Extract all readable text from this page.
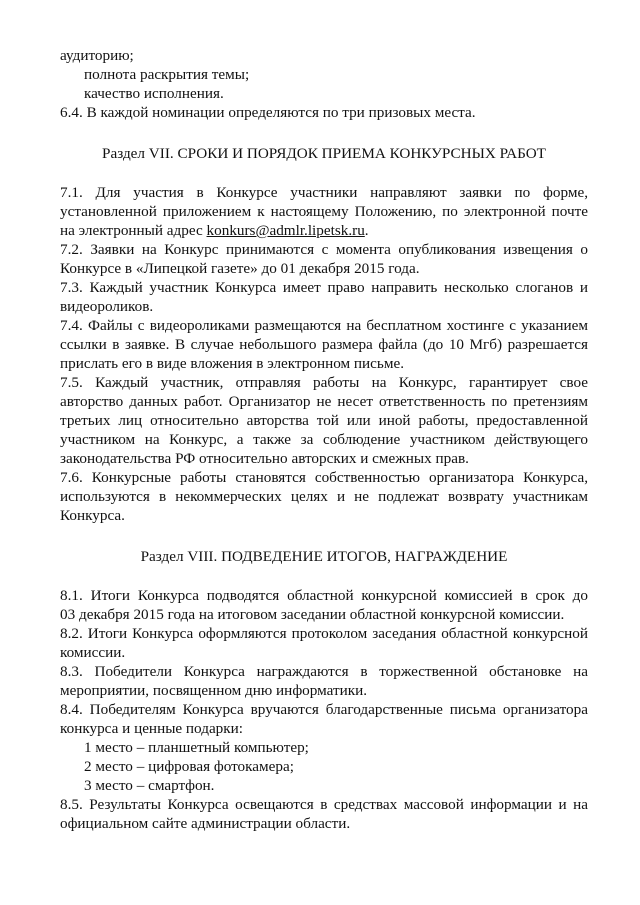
аудиторию;
полнота раскрытия темы;
качество исполнения.
6.4. В каждой номинации определяются по три призовых места.
Раздел VII. СРОКИ И ПОРЯДОК ПРИЕМА КОНКУРСНЫХ РАБОТ
7.1. Для участия в Конкурсе участники направляют заявки по форме,
установленной приложением к настоящему Положению, по электронной почте
на электронный адрес konkurs@admlr.lipetsk.ru.
7.2. Заявки на Конкурс принимаются с момента опубликования извещения о
Конкурсе в «Липецкой газете» до 01 декабря 2015 года.
7.3. Каждый участник Конкурса имеет право направить несколько слоганов и
видеороликов.
7.4. Файлы с видеороликами размещаются на бесплатном хостинге с указанием
ссылки в заявке. В случае небольшого размера файла (до 10 Мгб) разрешается
прислать его в виде вложения в электронном письме.
7.5. Каждый участник, отправляя работы на Конкурс, гарантирует свое
авторство данных работ. Организатор не несет ответственность по претензиям
третьих лиц относительно авторства той или иной работы, предоставленной
участником на Конкурс, а также за соблюдение участником действующего
законодательства РФ относительно авторских и смежных прав.
7.6. Конкурсные работы становятся собственностью организатора Конкурса,
используются в некоммерческих целях и не подлежат возврату участникам
Конкурса.
Раздел VIII. ПОДВЕДЕНИЕ ИТОГОВ, НАГРАЖДЕНИЕ
8.1. Итоги Конкурса подводятся областной конкурсной комиссией в срок до
03 декабря 2015 года на итоговом заседании областной конкурсной комиссии.
8.2. Итоги Конкурса оформляются протоколом заседания областной конкурсной
комиссии.
8.3. Победители Конкурса награждаются в торжественной обстановке на
мероприятии, посвященном дню информатики.
8.4. Победителям Конкурса вручаются благодарственные письма организатора
конкурса и ценные подарки:
1 место – планшетный компьютер;
2 место – цифровая фотокамера;
3 место – смартфон.
8.5. Результаты Конкурса освещаются в средствах массовой информации и на
официальном сайте администрации области.
